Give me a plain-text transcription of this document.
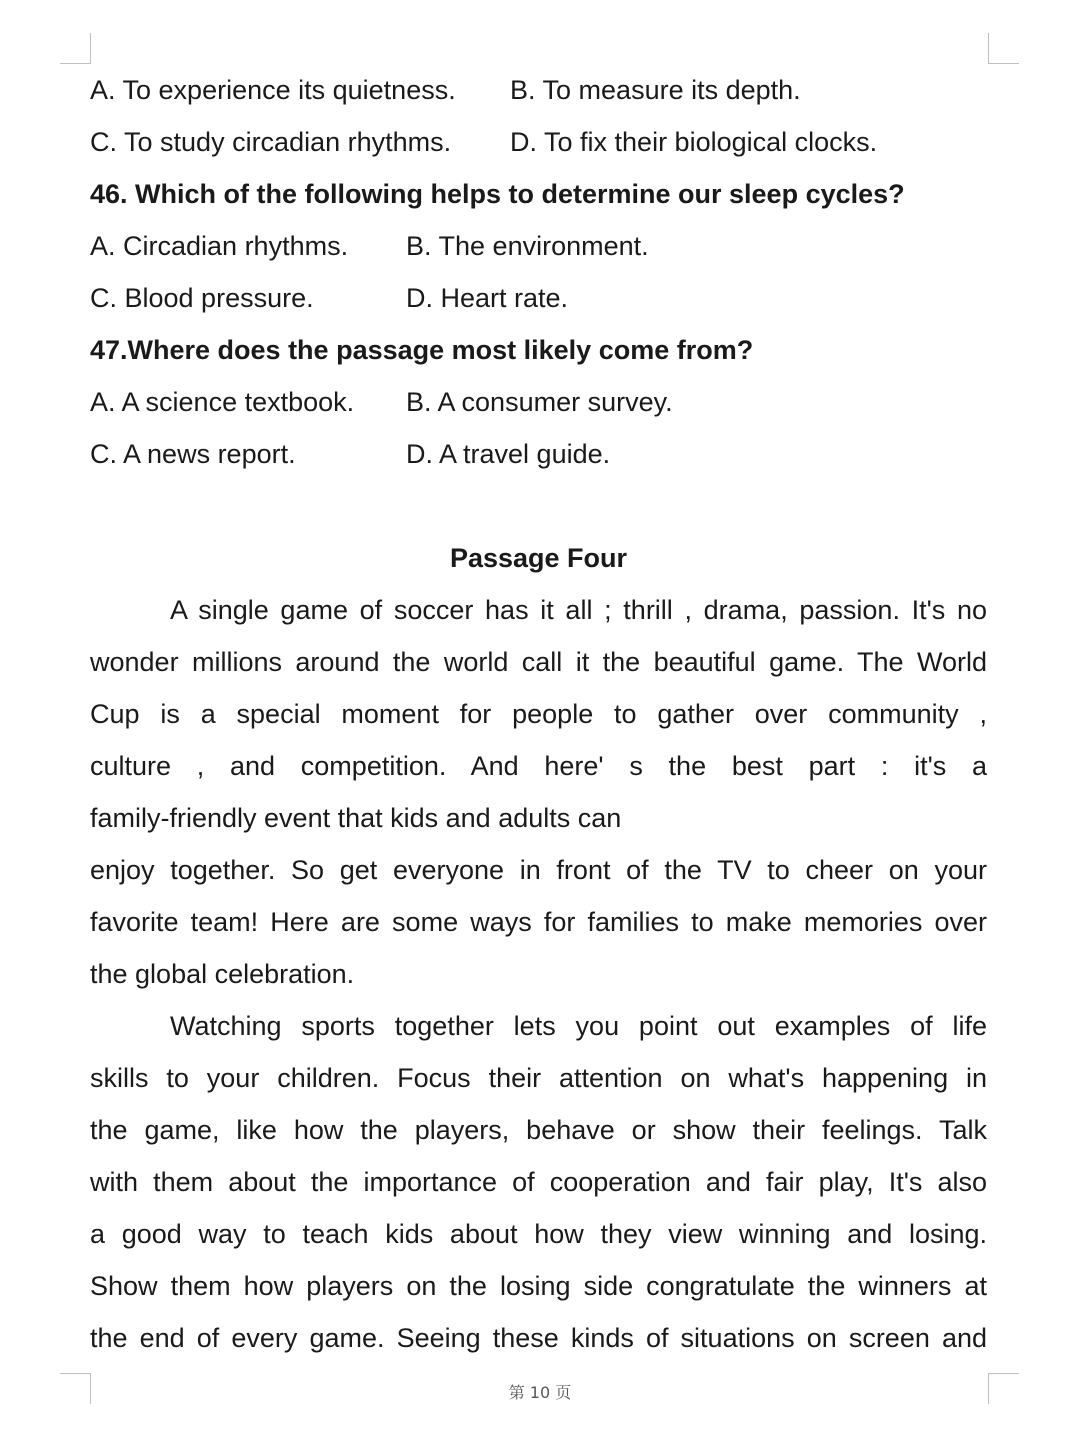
A. To experience its quietness. B. To measure its depth.
C. To study circadian rhythms. D. To fix their biological clocks.
46. Which of the following helps to determine our sleep cycles?
A. Circadian rhythms. B. The environment.
C. Blood pressure.	D. Heart rate.
47.Where does the passage most likely come from?
A. A science textbook. B. A consumer survey.
C. A news report.	D. A travel guide.
Passage Four
A single game of soccer has it all ; thrill , drama, passion. It's no
wonder millions around the world call it the beautiful game. The World
Cup is a special moment for people to gather over community ,
culture , and competition. And here' s the best part : it's a
family-friendly event that kids and adults can
enjoy together. So get everyone in front of the TV to cheer on your
favorite team! Here are some ways for families to make memories over
the global celebration.
Watching sports together lets you point out examples of life
skills to your children. Focus their attention on what's happening in
the game, like how the players, behave or show their feelings. Talk
with them about the importance of cooperation and fair play, It's also
a good way to teach kids about how they view winning and losing.
Show them how players on the losing side congratulate the winners at
the end of every game. Seeing these kinds of situations on screen and
第 10 页
